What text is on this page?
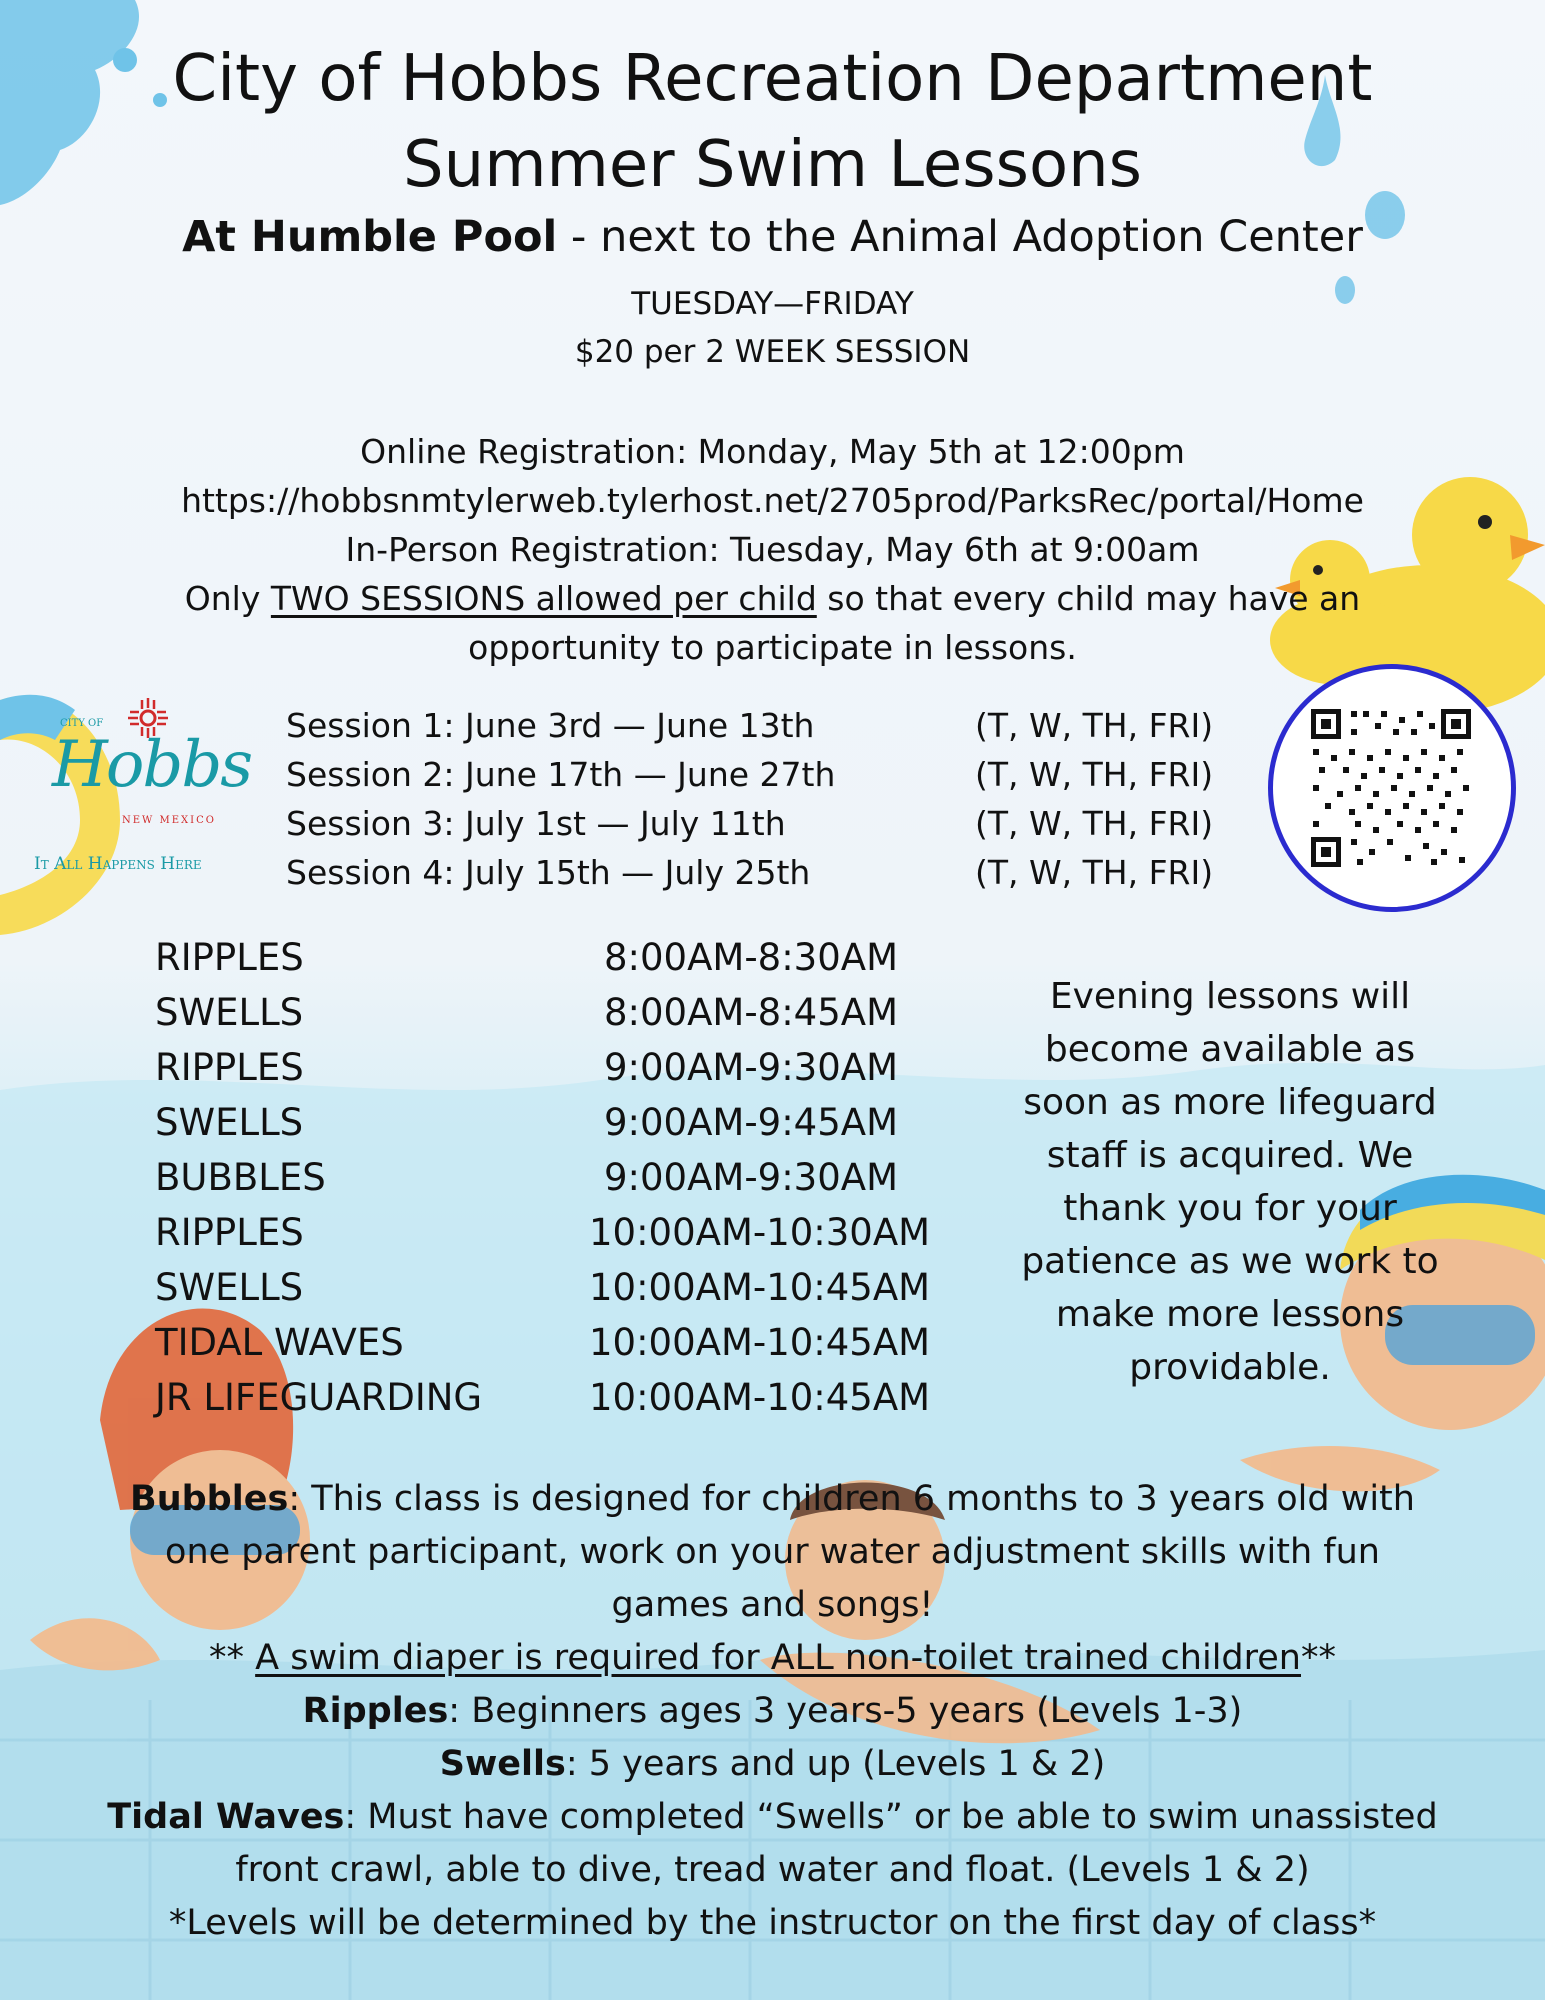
City of Hobbs Recreation Department
Summer Swim Lessons
At Humble Pool - next to the Animal Adoption Center
TUESDAY—FRIDAY
$20 per 2 WEEK SESSION
Online Registration: Monday, May 5th at 12:00pm
https://hobbsnmtylerweb.tylerhost.net/2705prod/ParksRec/portal/Home
In-Person Registration: Tuesday, May 6th at 9:00am
Only TWO SESSIONS allowed per child so that every child may have an
opportunity to participate in lessons.
CITY OF
Hobbs
NEW MEXICO
It All Happens Here
Session 1: June 3rd — June 13th	(T, W, TH, FRI)
Session 2: June 17th — June 27th	(T, W, TH, FRI)
Session 3: July 1st — July 11th	(T, W, TH, FRI)
Session 4: July 15th — July 25th	(T, W, TH, FRI)
RIPPLES	8:00AM-8:30AM
SWELLS	8:00AM-8:45AM
RIPPLES	9:00AM-9:30AM
SWELLS	9:00AM-9:45AM
BUBBLES	9:00AM-9:30AM
RIPPLES	10:00AM-10:30AM
SWELLS	10:00AM-10:45AM
TIDAL WAVES	10:00AM-10:45AM
JR LIFEGUARDING	10:00AM-10:45AM
Evening lessons will
become available as
soon as more lifeguard
staff is acquired. We
thank you for your
patience as we work to
make more lessons
providable.
Bubbles: This class is designed for children 6 months to 3 years old with
one parent participant, work on your water adjustment skills with fun
games and songs!
** A swim diaper is required for ALL non-toilet trained children**
Ripples: Beginners ages 3 years-5 years (Levels 1-3)
Swells: 5 years and up (Levels 1 & 2)
Tidal Waves: Must have completed “Swells” or be able to swim unassisted
front crawl, able to dive, tread water and float. (Levels 1 & 2)
*Levels will be determined by the instructor on the first day of class*
